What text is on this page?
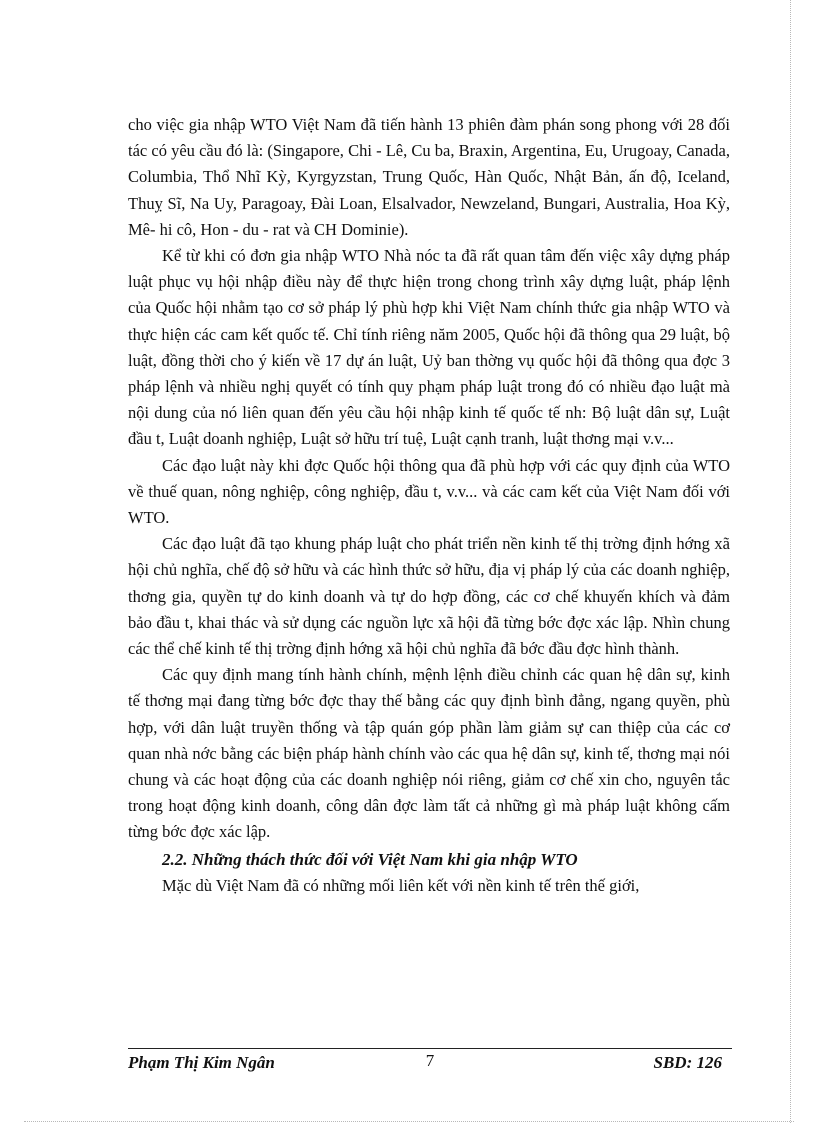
cho việc gia nhập WTO Việt Nam đã tiến hành 13 phiên đàm phán song phong với 28 đối tác có yêu cầu đó là: (Singapore, Chi - Lê, Cu ba, Braxin, Argentina, Eu, Urugoay, Canada, Columbia, Thổ Nhĩ Kỳ, Kyrgyzstan, Trung Quốc, Hàn Quốc, Nhật Bản, ấn độ, Iceland, Thuỵ Sĩ, Na Uy, Paragoay, Đài Loan, Elsalvador, Newzeland, Bungari, Australia, Hoa Kỳ, Mê- hi cô, Hon - du - rat và CH Dominie).

Kể từ khi có đơn gia nhập WTO Nhà nóc ta đã rất quan tâm đến việc xây dựng pháp luật phục vụ hội nhập điều này để thực hiện trong chong trình xây dựng luật, pháp lệnh của Quốc hội nhằm tạo cơ sở pháp lý phù hợp khi Việt Nam chính thức gia nhập WTO và thực hiện các cam kết quốc tế. Chỉ tính riêng năm 2005, Quốc hội đã thông qua 29 luật, bộ luật, đồng thời cho ý kiến về 17 dự án luật, Uỷ ban thờng vụ quốc hội đã thông qua đợc 3 pháp lệnh và nhiều nghị quyết có tính quy phạm pháp luật trong đó có nhiều đạo luật mà nội dung của nó liên quan đến yêu cầu hội nhập kinh tế quốc tế nh: Bộ luật dân sự, Luật đầu t, Luật doanh nghiệp, Luật sở hữu trí tuệ, Luật cạnh tranh, luật thơng mại v.v...

Các đạo luật này khi đợc Quốc hội thông qua đã phù hợp với các quy định của WTO về thuế quan, nông nghiệp, công nghiệp, đầu t, v.v... và các cam kết của Việt Nam đối với WTO.

Các đạo luật đã tạo khung pháp luật cho phát triển nền kinh tế thị trờng định hớng xã hội chủ nghĩa, chế độ sở hữu và các hình thức sở hữu, địa vị pháp lý của các doanh nghiệp, thơng gia, quyền tự do kinh doanh và tự do hợp đồng, các cơ chế khuyến khích và đảm bảo đầu t, khai thác và sử dụng các nguồn lực xã hội đã từng bớc đợc xác lập. Nhìn chung các thể chế kinh tế thị trờng định hớng xã hội chủ nghĩa đã bớc đầu đợc hình thành.

Các quy định mang tính hành chính, mệnh lệnh điều chỉnh các quan hệ dân sự, kinh tế thơng mại đang từng bớc đợc thay thế bằng các quy định bình đẳng, ngang quyền, phù hợp, với dân luật truyền thống và tập quán góp phần làm giảm sự can thiệp của các cơ quan nhà nớc bằng các biện pháp hành chính vào các qua hệ dân sự, kinh tế, thơng mại nói chung và các hoạt động của các doanh nghiệp nói riêng, giảm cơ chế xin cho, nguyên tắc trong hoạt động kinh doanh, công dân đợc làm tất cả những gì mà pháp luật không cấm từng bớc đợc xác lập.

2.2. Những thách thức đối với Việt Nam khi gia nhập WTO

Mặc dù Việt Nam đã có những mối liên kết với nền kinh tế trên thế giới,

Phạm Thị Kim Ngân	7	SBD: 126
